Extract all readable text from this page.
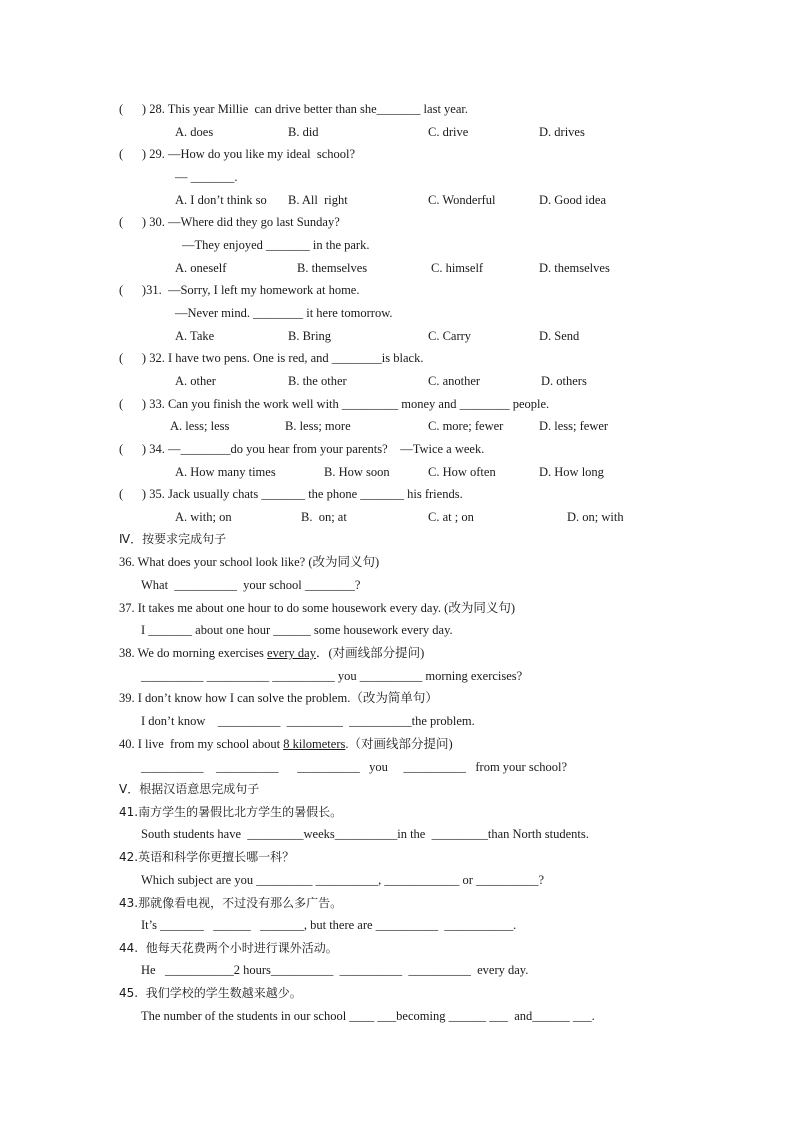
(      ) 28. This year Millie  can drive better than she_______ last year.
A. does	B. did	C. drive	D. drives
(      ) 29. —How do you like my ideal  school?
— _______.
A. I don’t think so B. All  right	C. Wonderful	D. Good idea
(      ) 30. —Where did they go last Sunday?
—They enjoyed _______ in the park.
A. oneself	B. themselves	C. himself	D. themselves
(      )31.  —Sorry, I left my homework at home.
—Never mind. ________ it here tomorrow.
A. Take	B. Bring	C. Carry	D. Send
(      ) 32. I have two pens. One is red, and ________is black.
A. other	B. the other	C. another	D. others
(      ) 33. Can you finish the work well with _________ money and ________ people.
A. less; less	B. less; more	C. more; fewer	D. less; fewer
(      ) 34. —________do you hear from your parents?    —Twice a week.
A. How many times	B. How soon	C. How often	D. How long
(      ) 35. Jack usually chats _______ the phone _______ his friends.
A. with; on	B.  on; at	C. at ; on	D. on; with
Ⅳ．按要求完成句子
36. What does your school look like? (改为同义句)
What  __________  your school ________?
37. It takes me about one hour to do some housework every day. (改为同义句)
I _______ about one hour ______ some housework every day.
38. We do morning exercises every day．(对画线部分提问)
__________ __________ __________ you __________ morning exercises?
39. I don’t know how I can solve the problem.（改为简单句）
I don’t know    __________  _________  __________the problem.
40. I live  from my school about 8 kilometers.（对画线部分提问)
__________    __________      __________   you     __________   from your school?
Ⅴ．根据汉语意思完成句子
41.南方学生的暑假比北方学生的暑假长。
South students have  _________weeks__________in the  _________than North students.
42.英语和科学你更擅长哪一科？
Which subject are you _________ __________, ____________ or __________?
43.那就像看电视，不过没有那么多广告。
It’s _______   ______   _______, but there are __________  ___________.
44.  他每天花费两个小时进行课外活动。
He   ___________2 hours__________  __________  __________  every day.
45.  我们学校的学生数越来越少。
The number of the students in our school ____ ___becoming ______ ___  and______ ___.
